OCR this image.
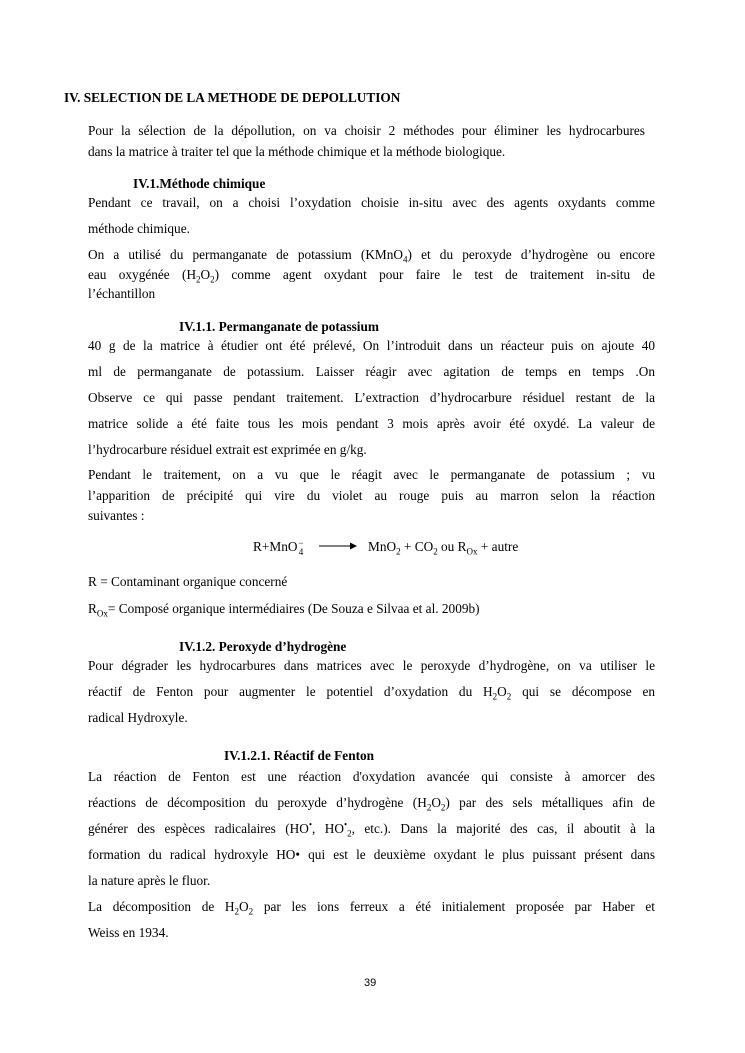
IV. SELECTION DE LA METHODE DE DEPOLLUTION
Pour la sélection de la dépollution, on va choisir 2 méthodes pour éliminer les hydrocarbures
dans la matrice à traiter tel que la méthode chimique et la méthode biologique.
IV.1.Méthode chimique
Pendant ce travail, on a choisi l’oxydation choisie in-situ avec des agents oxydants comme
méthode chimique.
On a utilisé du permanganate de potassium (KMnO$_4$) et du peroxyde d’hydrogène ou encore
eau oxygénée $(H_2O_2)$ comme agent oxydant pour faire le test de traitement in-situ de
l’échantillon
IV.1.1. Permanganate de potassium
40 g de la matrice à étudier ont été prélevé, On l’introduit dans un réacteur puis on ajoute 40
ml de permanganate de potassium. Laisser réagir avec agitation de temps en temps .On
Observe ce qui passe pendant traitement. L’extraction d’hydrocarbure résiduel restant de la
matrice solide a été faite tous les mois pendant 3 mois après avoir été oxydé. La valeur de
l’hydrocarbure résiduel extrait est exprimée en g/kg.
Pendant le traitement, on a vu que le réagit avec le permanganate de potassium ; vu
l’apparition de précipité qui vire du violet au rouge puis au marron selon la réaction
suivantes :
R+MnO −
$4 \to MnO_2 + CO_2$ ou $R_{Ox}$ + autre
R = Contaminant organique concerné
$R_{Ox}=$ Composé organique intermédiaires (De Souza e Silvaa et al. 2009b)
IV.1.2. Peroxyde d’hydrogène
Pour dégrader les hydrocarbures dans matrices avec le peroxyde d’hydrogène, on va utiliser le
réactif de Fenton pour augmenter le potentiel d’oxydation du $H_2O_2$ qui se décompose en
radical Hydroxyle.
IV.1.2.1. Réactif de Fenton
La réaction de Fenton est une réaction d'oxydation avancée qui consiste à amorcer des
réactions de décomposition du peroxyde d’hydrogène $(H_2O_2)$ par des sels métalliques afin de
générer des espèces radicalaires (HO•, $HO^•_2$, etc.). Dans la majorité des cas, il aboutit à la
formation du radical hydroxyle HO• qui est le deuxième oxydant le plus puissant présent dans
la nature après le fluor.
La décomposition de $H_2O_2$ par les ions ferreux a été initialement proposée par Haber et
Weiss en 1934.
39
